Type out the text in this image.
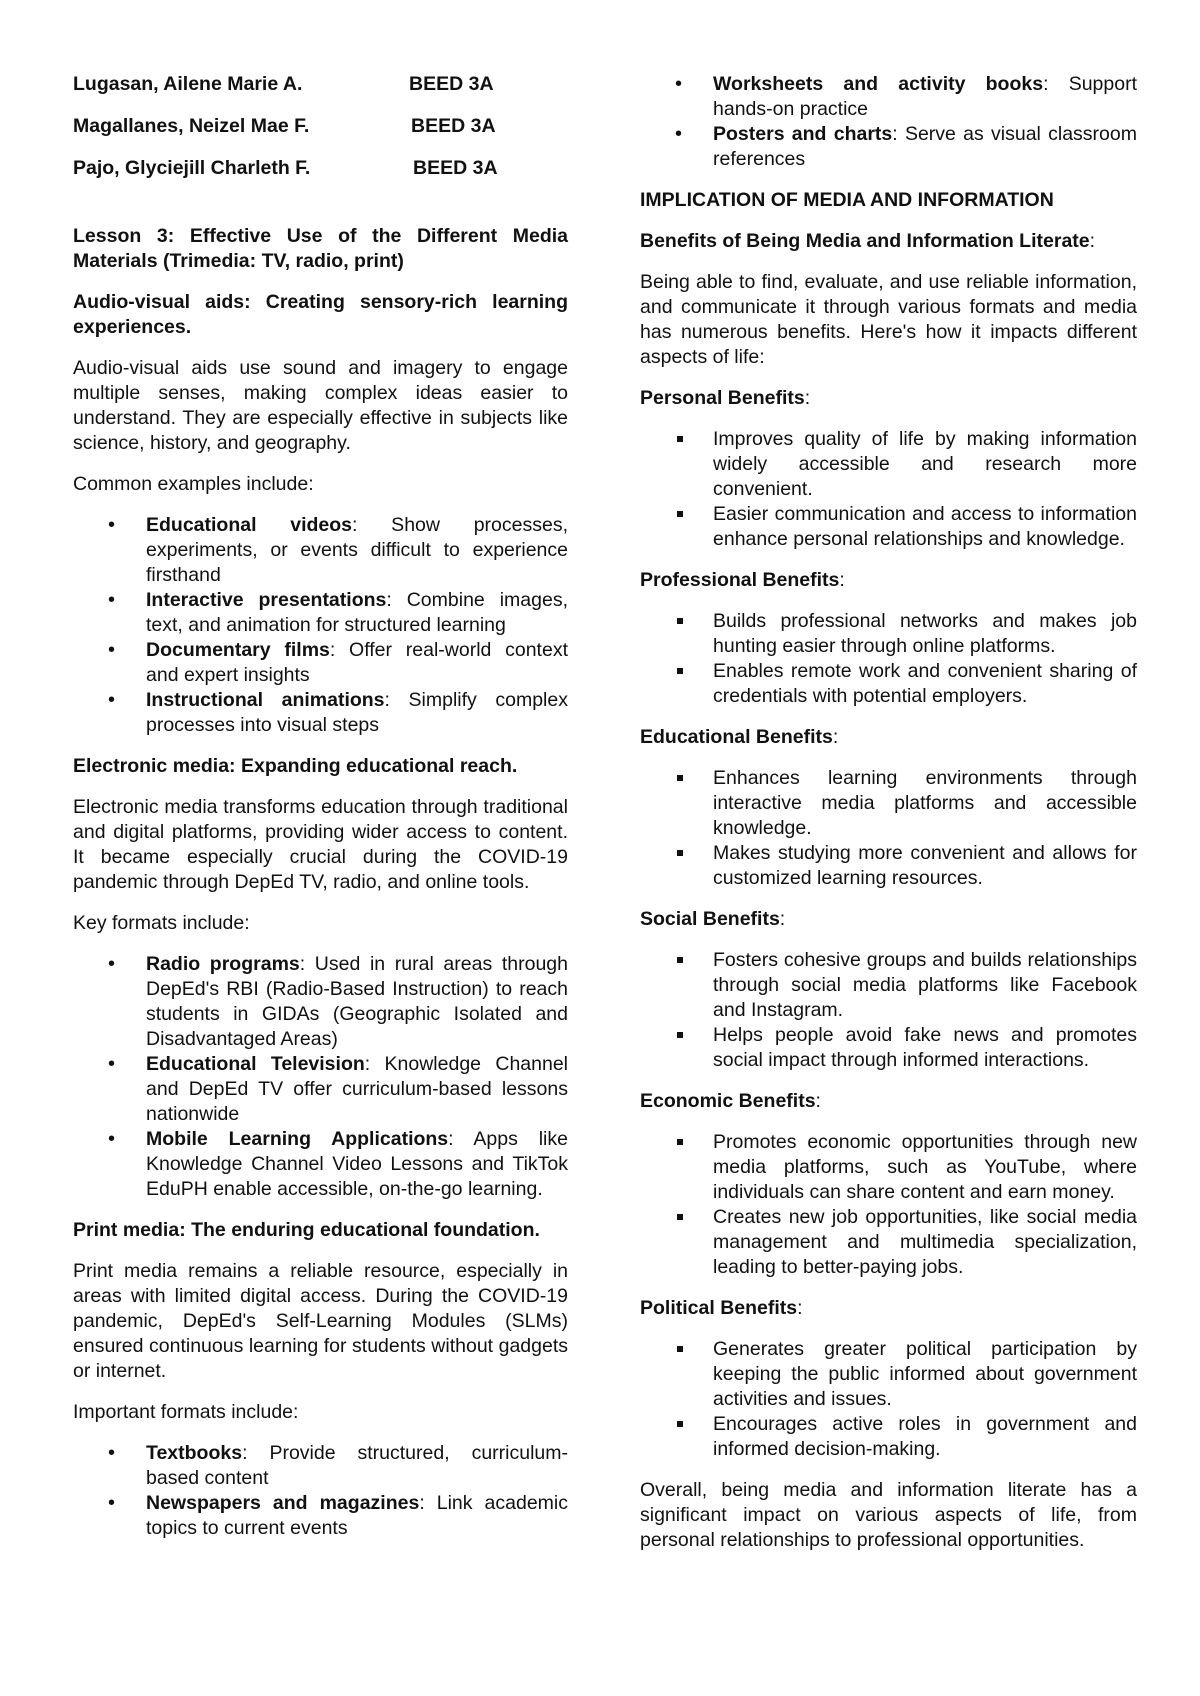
Lugasan, Ailene Marie A.	BEED 3A
Magallanes, Neizel Mae F.	BEED 3A
Pajo, Glyciejill Charleth F.	BEED 3A

Lesson 3: Effective Use of the Different Media Materials (Trimedia: TV, radio, print)

Audio-visual aids: Creating sensory-rich learning experiences.

Audio-visual aids use sound and imagery to engage multiple senses, making complex ideas easier to understand. They are especially effective in subjects like science, history, and geography.

Common examples include:

• Educational videos: Show processes, experiments, or events difficult to experience firsthand
• Interactive presentations: Combine images, text, and animation for structured learning
• Documentary films: Offer real-world context and expert insights
• Instructional animations: Simplify complex processes into visual steps

Electronic media: Expanding educational reach.

Electronic media transforms education through traditional and digital platforms, providing wider access to content. It became especially crucial during the COVID-19 pandemic through DepEd TV, radio, and online tools.

Key formats include:

• Radio programs: Used in rural areas through DepEd's RBI (Radio-Based Instruction) to reach students in GIDAs (Geographic Isolated and Disadvantaged Areas)
• Educational Television: Knowledge Channel and DepEd TV offer curriculum-based lessons nationwide
• Mobile Learning Applications: Apps like Knowledge Channel Video Lessons and TikTok EduPH enable accessible, on-the-go learning.

Print media: The enduring educational foundation.

Print media remains a reliable resource, especially in areas with limited digital access. During the COVID-19 pandemic, DepEd's Self-Learning Modules (SLMs) ensured continuous learning for students without gadgets or internet.

Important formats include:

• Textbooks: Provide structured, curriculum-based content
• Newspapers and magazines: Link academic topics to current events
• Worksheets and activity books: Support hands-on practice
• Posters and charts: Serve as visual classroom references

IMPLICATION OF MEDIA AND INFORMATION

Benefits of Being Media and Information Literate:

Being able to find, evaluate, and use reliable information, and communicate it through various formats and media has numerous benefits. Here's how it impacts different aspects of life:

Personal Benefits:

Improves quality of life by making information widely accessible and research more convenient.
Easier communication and access to information enhance personal relationships and knowledge.

Professional Benefits:

Builds professional networks and makes job hunting easier through online platforms.
Enables remote work and convenient sharing of credentials with potential employers.

Educational Benefits:

Enhances learning environments through interactive media platforms and accessible knowledge.
Makes studying more convenient and allows for customized learning resources.

Social Benefits:

Fosters cohesive groups and builds relationships through social media platforms like Facebook and Instagram.
Helps people avoid fake news and promotes social impact through informed interactions.

Economic Benefits:

Promotes economic opportunities through new media platforms, such as YouTube, where individuals can share content and earn money.
Creates new job opportunities, like social media management and multimedia specialization, leading to better-paying jobs.

Political Benefits:

Generates greater political participation by keeping the public informed about government activities and issues.
Encourages active roles in government and informed decision-making.

Overall, being media and information literate has a significant impact on various aspects of life, from personal relationships to professional opportunities.
